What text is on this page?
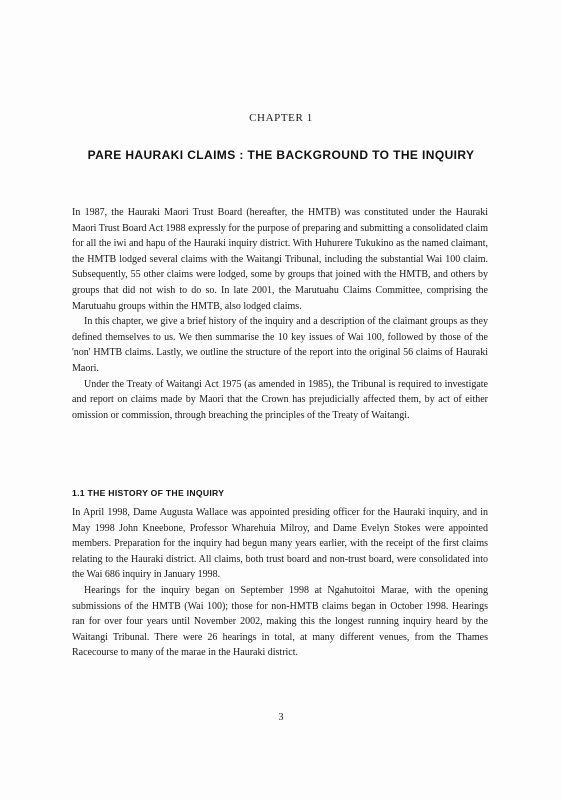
CHAPTER 1
PARE HAURAKI CLAIMS : THE BACKGROUND TO THE INQUIRY

In 1987, the Hauraki Maori Trust Board (hereafter, the HMTB) was constituted under the Hauraki Maori Trust Board Act 1988 expressly for the purpose of preparing and submitting a consolidated claim for all the iwi and hapu of the Hauraki inquiry district. With Huhurere Tukukino as the named claimant, the HMTB lodged several claims with the Waitangi Tribunal, including the substantial Wai 100 claim. Subsequently, 55 other claims were lodged, some by groups that joined with the HMTB, and others by groups that did not wish to do so. In late 2001, the Marutuahu Claims Committee, comprising the Marutuahu groups within the HMTB, also lodged claims.

In this chapter, we give a brief history of the inquiry and a description of the claimant groups as they defined themselves to us. We then summarise the 10 key issues of Wai 100, followed by those of the 'non' HMTB claims. Lastly, we outline the structure of the report into the original 56 claims of Hauraki Maori.

Under the Treaty of Waitangi Act 1975 (as amended in 1985), the Tribunal is required to investigate and report on claims made by Maori that the Crown has prejudicially affected them, by act of either omission or commission, through breaching the principles of the Treaty of Waitangi.

1.1 THE HISTORY OF THE INQUIRY

In April 1998, Dame Augusta Wallace was appointed presiding officer for the Hauraki inquiry, and in May 1998 John Kneebone, Professor Wharehuia Milroy, and Dame Evelyn Stokes were appointed members. Preparation for the inquiry had begun many years earlier, with the receipt of the first claims relating to the Hauraki district. All claims, both trust board and non-trust board, were consolidated into the Wai 686 inquiry in January 1998.

Hearings for the inquiry began on September 1998 at Ngahutoitoi Marae, with the opening submissions of the HMTB (Wai 100); those for non-HMTB claims began in October 1998. Hearings ran for over four years until November 2002, making this the longest running inquiry heard by the Waitangi Tribunal. There were 26 hearings in total, at many different venues, from the Thames Racecourse to many of the marae in the Hauraki district.

3
